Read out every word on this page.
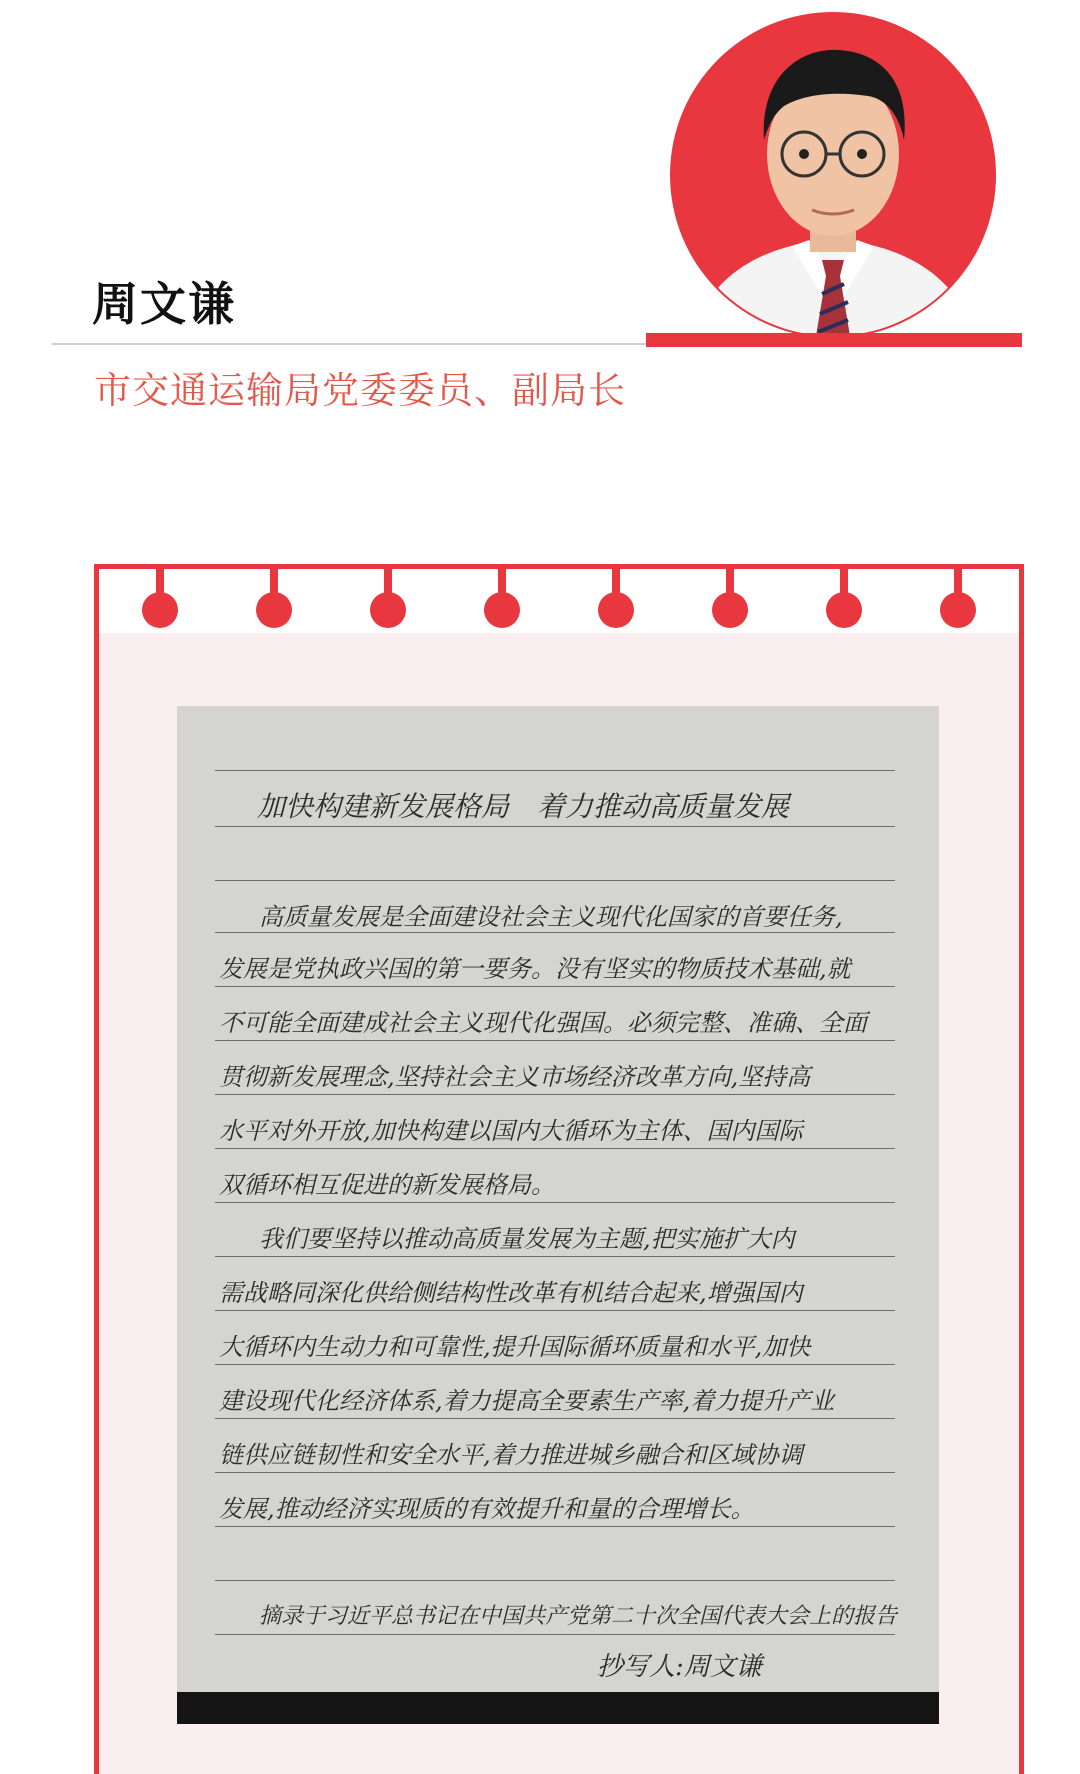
周文谦
市交通运输局党委委员、副局长
加快构建新发展格局　着力推动高质量发展
高质量发展是全面建设社会主义现代化国家的首要任务,
发展是党执政兴国的第一要务。没有坚实的物质技术基础,就
不可能全面建成社会主义现代化强国。必须完整、准确、全面
贯彻新发展理念,坚持社会主义市场经济改革方向,坚持高
水平对外开放,加快构建以国内大循环为主体、国内国际
双循环相互促进的新发展格局。
我们要坚持以推动高质量发展为主题,把实施扩大内
需战略同深化供给侧结构性改革有机结合起来,增强国内
大循环内生动力和可靠性,提升国际循环质量和水平,加快
建设现代化经济体系,着力提高全要素生产率,着力提升产业
链供应链韧性和安全水平,着力推进城乡融合和区域协调
发展,推动经济实现质的有效提升和量的合理增长。
摘录于习近平总书记在中国共产党第二十次全国代表大会上的报告
抄写人:周文谦
